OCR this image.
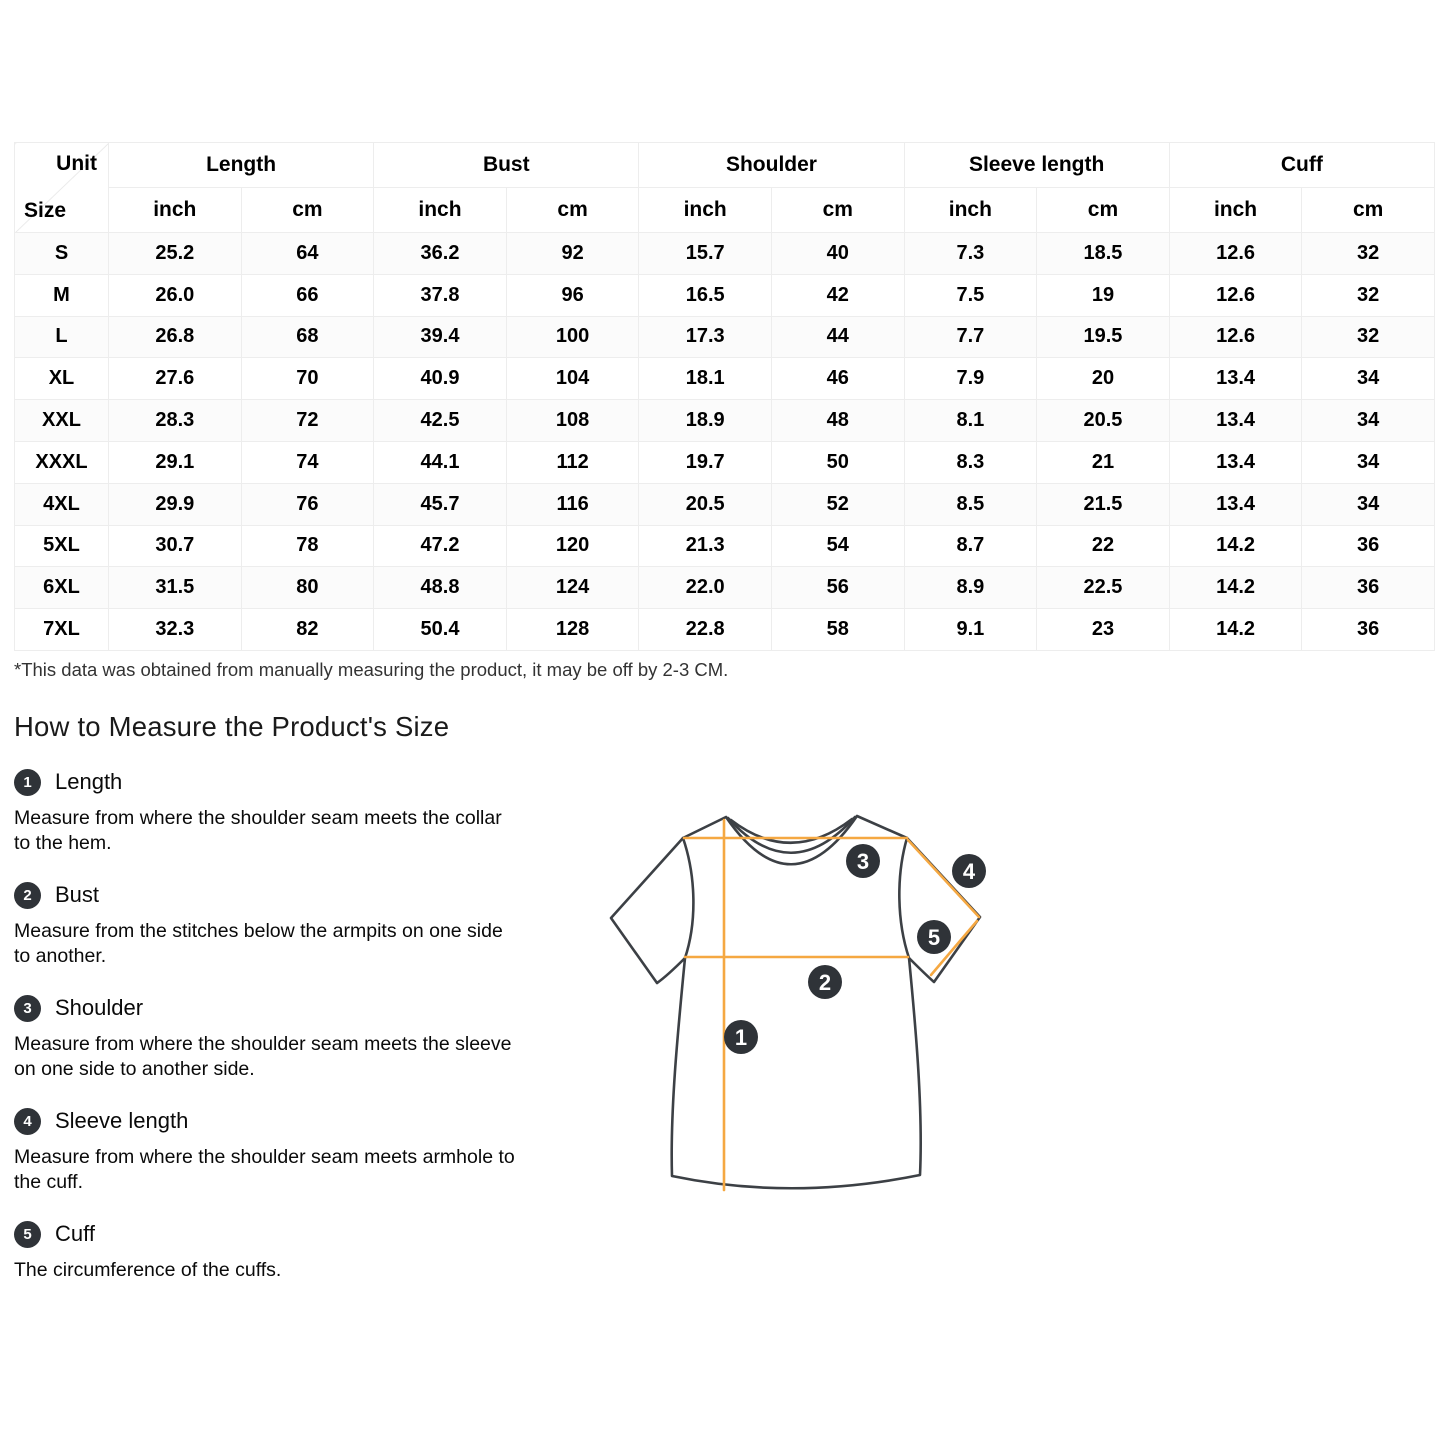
Unit
Size	Length		Bust		Shoulder		Sleeve length		Cuff	
	inch	cm	inch	cm	inch	cm	inch	cm	inch	cm
S	25.2	64	36.2	92	15.7	40	7.3	18.5	12.6	32
M	26.0	66	37.8	96	16.5	42	7.5	19	12.6	32
L	26.8	68	39.4	100	17.3	44	7.7	19.5	12.6	32
XL	27.6	70	40.9	104	18.1	46	7.9	20	13.4	34
XXL	28.3	72	42.5	108	18.9	48	8.1	20.5	13.4	34
XXXL	29.1	74	44.1	112	19.7	50	8.3	21	13.4	34
4XL	29.9	76	45.7	116	20.5	52	8.5	21.5	13.4	34
5XL	30.7	78	47.2	120	21.3	54	8.7	22	14.2	36
6XL	31.5	80	48.8	124	22.0	56	8.9	22.5	14.2	36
7XL	32.3	82	50.4	128	22.8	58	9.1	23	14.2	36
*This data was obtained from manually measuring the product, it may be off by 2-3 CM.
How to Measure the Product's Size
1	Length

Measure from where the shoulder seam meets the collar to the hem.

2	Bust

Measure from the stitches below the armpits on one side to another.

3	Shoulder

Measure from where the shoulder seam meets the sleeve on one side to another side.

4	Sleeve length

Measure from where the shoulder seam meets armhole to the cuff.

5	Cuff

The circumference of the cuffs.

1
2
3	4
5
